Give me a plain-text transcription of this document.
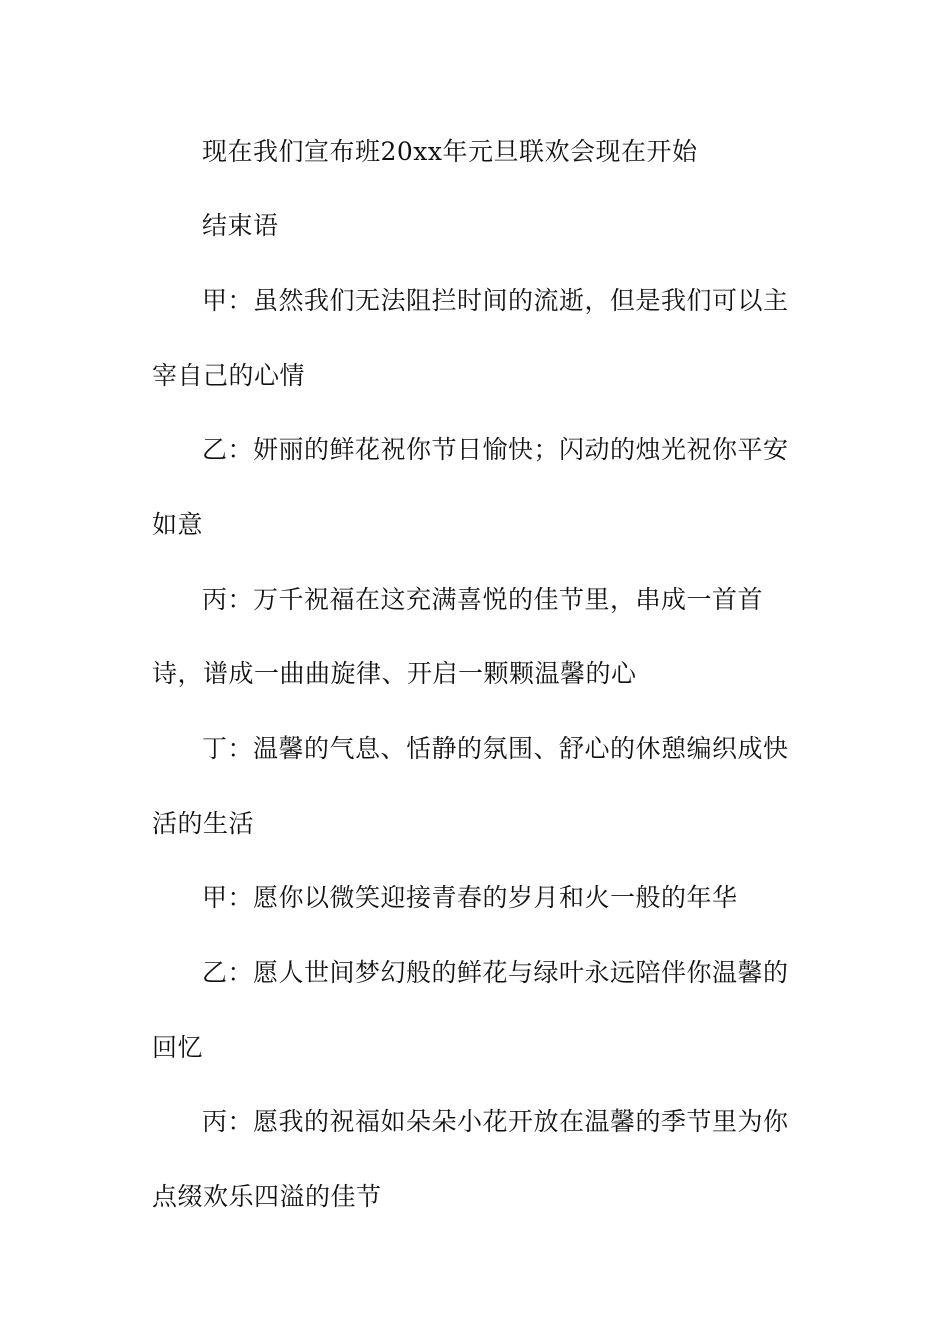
现在我们宣布班20xx年元旦联欢会现在开始
结束语
甲：虽然我们无法阻拦时间的流逝，但是我们可以主
宰自己的心情
乙：妍丽的鲜花祝你节日愉快；闪动的烛光祝你平安
如意
丙：万千祝福在这充满喜悦的佳节里，串成一首首
诗，谱成一曲曲旋律、开启一颗颗温馨的心
丁：温馨的气息、恬静的氛围、舒心的休憩编织成快
活的生活
甲：愿你以微笑迎接青春的岁月和火一般的年华
乙：愿人世间梦幻般的鲜花与绿叶永远陪伴你温馨的
回忆
丙：愿我的祝福如朵朵小花开放在温馨的季节里为你
点缀欢乐四溢的佳节
